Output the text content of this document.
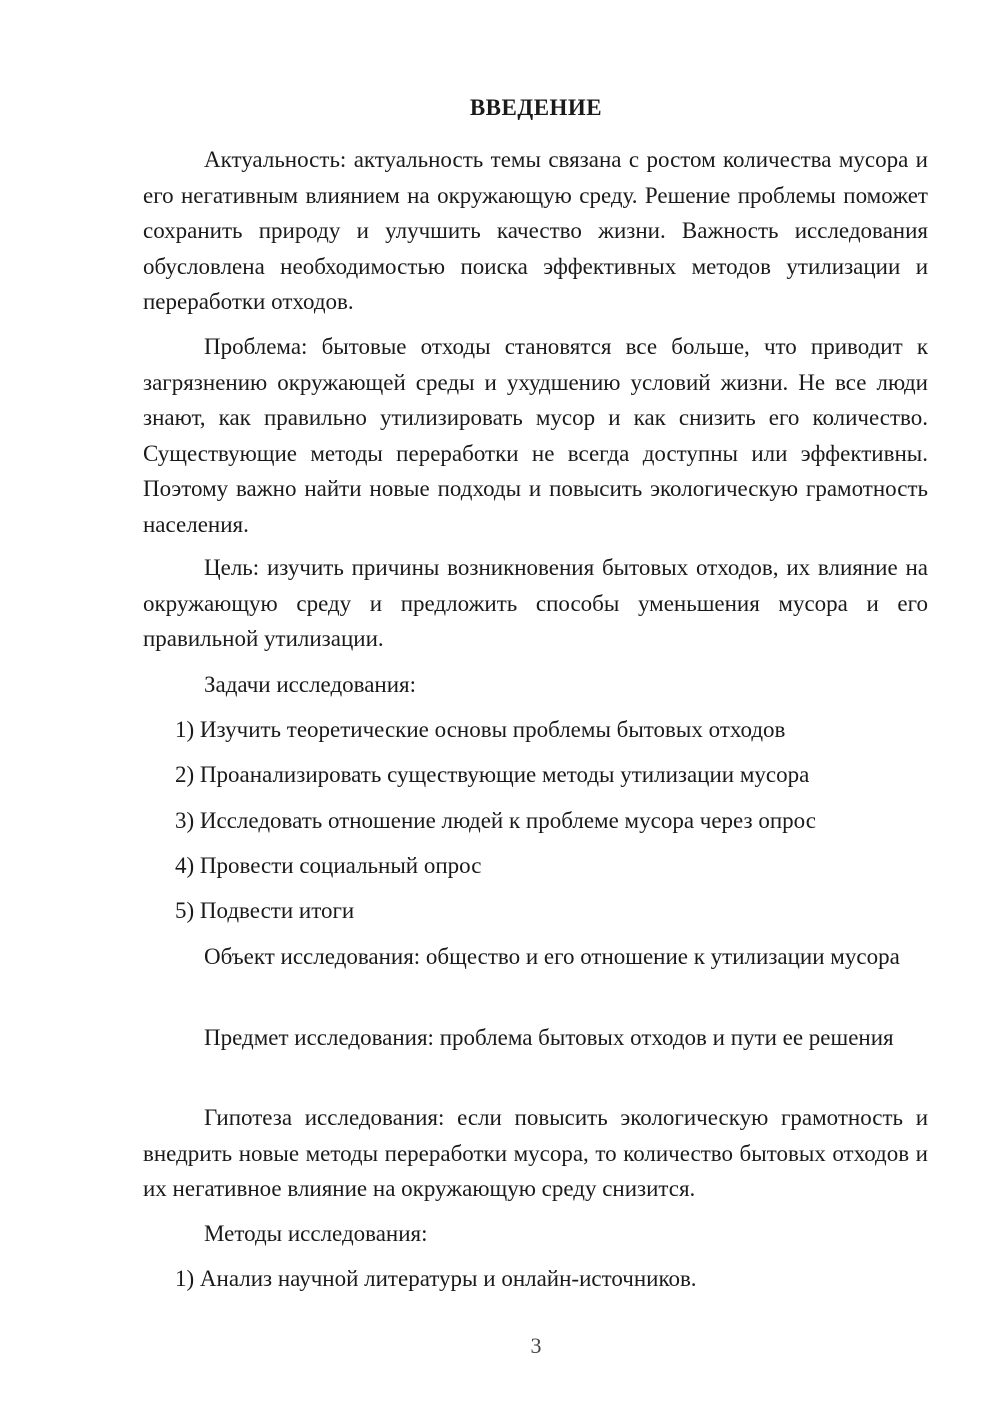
ВВЕДЕНИЕ

Актуальность: актуальность темы связана с ростом количества мусора и его негативным влиянием на окружающую среду. Решение проблемы поможет сохранить природу и улучшить качество жизни. Важность исследования обусловлена необходимостью поиска эффективных методов утилизации и переработки отходов.

Проблема: бытовые отходы становятся все больше, что приводит к загрязнению окружающей среды и ухудшению условий жизни. Не все люди знают, как правильно утилизировать мусор и как снизить его количество. Существующие методы переработки не всегда доступны или эффективны. Поэтому важно найти новые подходы и повысить экологическую грамотность населения.

Цель: изучить причины возникновения бытовых отходов, их влияние на окружающую среду и предложить способы уменьшения мусора и его правильной утилизации.

Задачи исследования:

1) Изучить теоретические основы проблемы бытовых отходов

2) Проанализировать существующие методы утилизации мусора

3) Исследовать отношение людей к проблеме мусора через опрос

4) Провести социальный опрос

5) Подвести итоги

Объект исследования: общество и его отношение к утилизации мусора

Предмет исследования: проблема бытовых отходов и пути ее решения

Гипотеза исследования: если повысить экологическую грамотность и внедрить новые методы переработки мусора, то количество бытовых отходов и их негативное влияние на окружающую среду снизится.

Методы исследования:

1) Анализ научной литературы и онлайн-источников.

3
